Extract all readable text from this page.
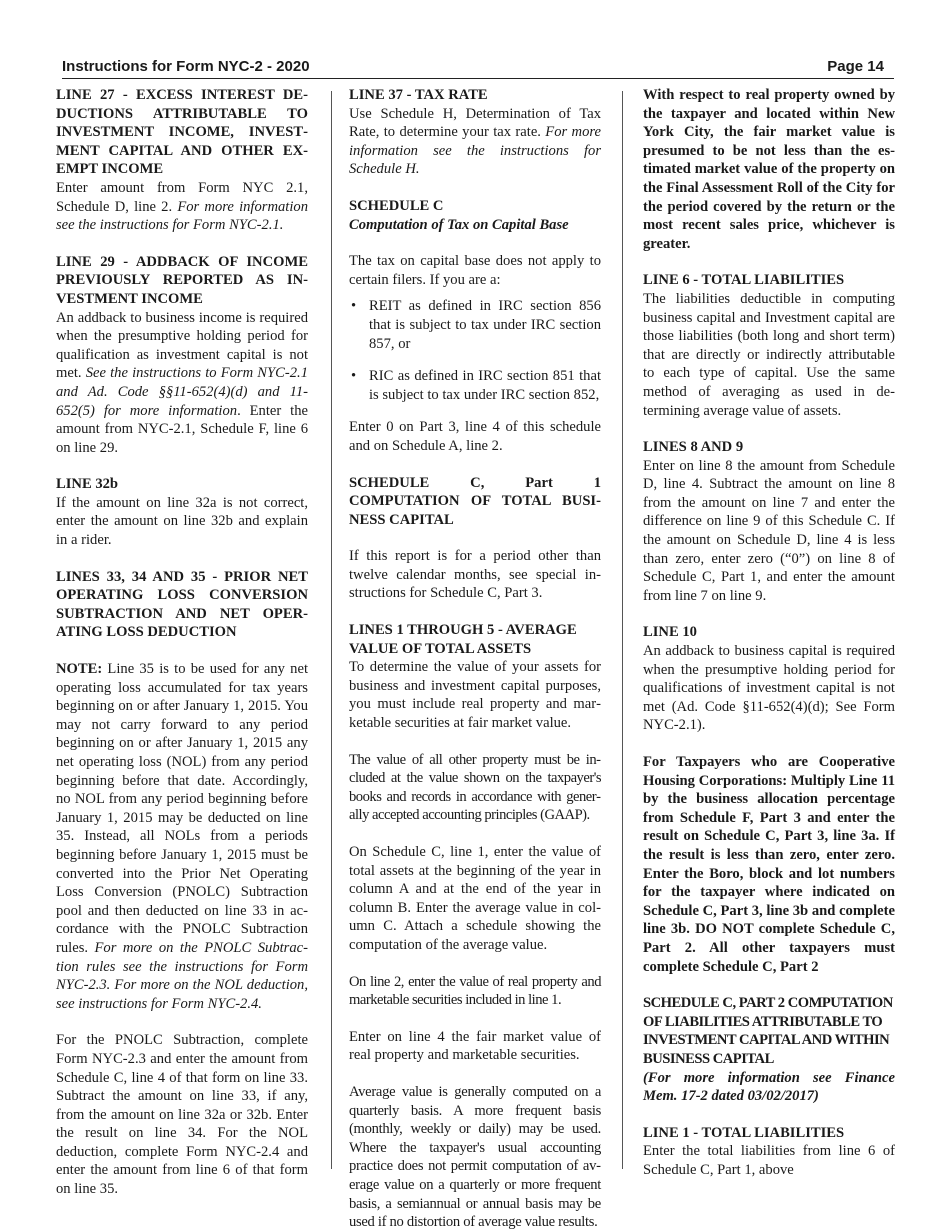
Instructions for Form NYC-2 - 2020	Page 14
LINE 27 - EXCESS INTEREST DEDUCTIONS ATTRIBUTABLE TO INVESTMENT INCOME, INVESTMENT CAPITAL AND OTHER EXEMPT INCOME

Enter amount from Form NYC 2.1, Schedule D, line 2. For more information see the instructions for Form NYC-2.1.

LINE 29 - ADDBACK OF INCOME PREVIOUSLY REPORTED AS INVESTMENT INCOME

An addback to business income is required when the presumptive holding period for qualification as investment capital is not met. See the instructions to Form NYC-2.1 and Ad. Code §§11-652(4)(d) and 11-652(5) for more information. Enter the amount from NYC-2.1, Schedule F, line 6 on line 29.

LINE 32b

If the amount on line 32a is not correct, enter the amount on line 32b and explain in a rider.

LINES 33, 34 AND 35 - PRIOR NET OPERATING LOSS CONVERSION SUBTRACTION AND NET OPERATING LOSS DEDUCTION

NOTE: Line 35 is to be used for any net operating loss accumulated for tax years beginning on or after January 1, 2015. You may not carry forward to any period beginning on or after January 1, 2015 any net operating loss (NOL) from any period beginning before that date. Accordingly, no NOL from any period beginning before January 1, 2015 may be deducted on line 35. Instead, all NOLs from a periods beginning before January 1, 2015 must be converted into the Prior Net Operating Loss Conversion (PNOLC) Subtraction pool and then deducted on line 33 in accordance with the PNOLC Subtraction rules. For more on the PNOLC Subtraction rules see the instructions for Form NYC-2.3. For more on the NOL deduction, see instructions for Form NYC-2.4.

For the PNOLC Subtraction, complete Form NYC-2.3 and enter the amount from Schedule C, line 4 of that form on line 33. Subtract the amount on line 33, if any, from the amount on line 32a or 32b. Enter the result on line 34. For the NOL deduction, complete Form NYC-2.4 and enter the amount from line 6 of that form on line 35.

LINE 37 - TAX RATE

Use Schedule H, Determination of Tax Rate, to determine your tax rate. For more information see the instructions for Schedule H.

SCHEDULE C

Computation of Tax on Capital Base

The tax on capital base does not apply to certain filers. If you are a:

• REIT as defined in IRC section 856 that is subject to tax under IRC section 857, or
• RIC as defined in IRC section 851 that is subject to tax under IRC section 852,

Enter 0 on Part 3, line 4 of this schedule and on Schedule A, line 2.

SCHEDULE C, Part 1 COMPUTATION OF TOTAL BUSINESS CAPITAL

If this report is for a period other than twelve calendar months, see special instructions for Schedule C, Part 3.

LINES 1 THROUGH 5 - AVERAGE VALUE OF TOTAL ASSETS

To determine the value of your assets for business and investment capital purposes, you must include real property and marketable securities at fair market value.

The value of all other property must be included at the value shown on the taxpayer's books and records in accordance with generally accepted accounting principles (GAAP).

On Schedule C, line 1, enter the value of total assets at the beginning of the year in column A and at the end of the year in column B. Enter the average value in column C. Attach a schedule showing the computation of the average value.

On line 2, enter the value of real property and marketable securities included in line 1.

Enter on line 4 the fair market value of real property and marketable securities.

Average value is generally computed on a quarterly basis. A more frequent basis (monthly, weekly or daily) may be used. Where the taxpayer's usual accounting practice does not permit computation of average value on a quarterly or more frequent basis, a semiannual or annual basis may be used if no distortion of average value results.

With respect to real property owned by the taxpayer and located within New York City, the fair market value is presumed to be not less than the estimated market value of the property on the Final Assessment Roll of the City for the period covered by the return or the most recent sales price, whichever is greater.

LINE 6 - TOTAL LIABILITIES

The liabilities deductible in computing business capital and Investment capital are those liabilities (both long and short term) that are directly or indirectly attributable to each type of capital. Use the same method of averaging as used in determining average value of assets.

LINES 8 AND 9

Enter on line 8 the amount from Schedule D, line 4. Subtract the amount on line 8 from the amount on line 7 and enter the difference on line 9 of this Schedule C. If the amount on Schedule D, line 4 is less than zero, enter zero (“0”) on line 8 of Schedule C, Part 1, and enter the amount from line 7 on line 9.

LINE 10

An addback to business capital is required when the presumptive holding period for qualifications of investment capital is not met (Ad. Code §11-652(4)(d); See Form NYC-2.1).

For Taxpayers who are Cooperative Housing Corporations: Multiply Line 11 by the business allocation percentage from Schedule F, Part 3 and enter the result on Schedule C, Part 3, line 3a. If the result is less than zero, enter zero. Enter the Boro, block and lot numbers for the taxpayer where indicated on Schedule C, Part 3, line 3b and complete line 3b. DO NOT complete Schedule C, Part 2. All other taxpayers must complete Schedule C, Part 2

SCHEDULE C, PART 2 COMPUTATION OF LIABILITIES ATTRIBUTABLE TO INVESTMENT CAPITAL AND WITHIN BUSINESS CAPITAL

(For more information see Finance Mem. 17-2 dated 03/02/2017)

LINE 1 - TOTAL LIABILITIES

Enter the total liabilities from line 6 of Schedule C, Part 1, above
